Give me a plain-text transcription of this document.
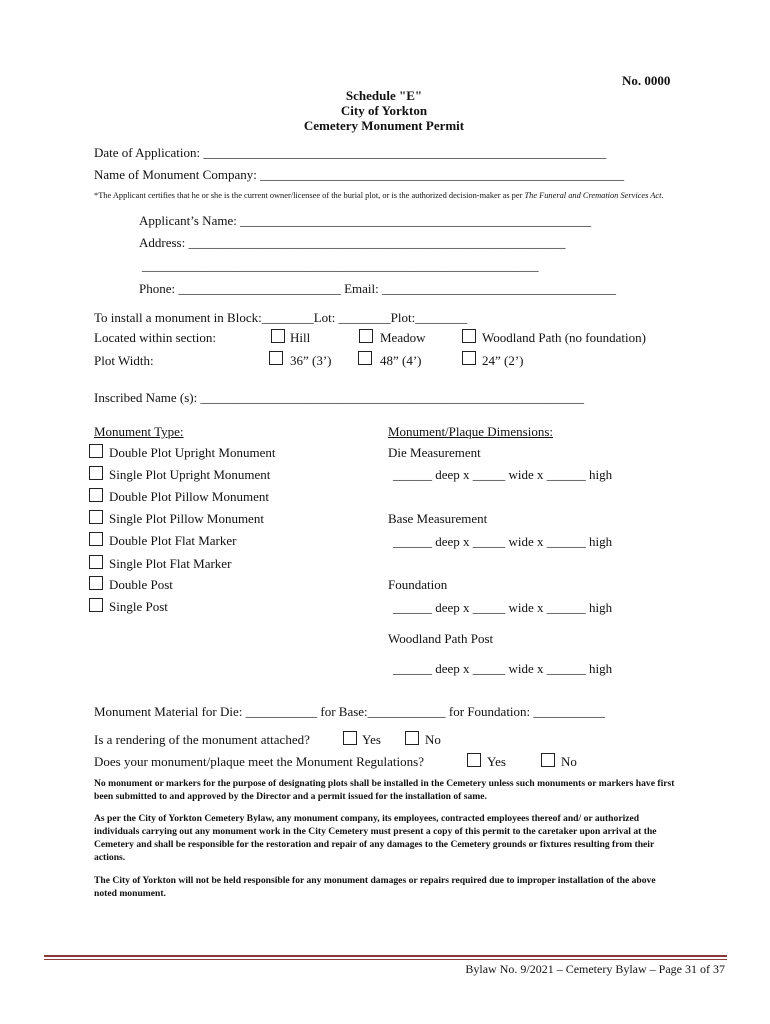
No. 0000
Schedule "E"
City of Yorkton
Cemetery Monument Permit
Date of Application: ______________________________________________________________
Name of Monument Company: ________________________________________________________
*The Applicant certifies that he or she is the current owner/licensee of the burial plot, or is the authorized decision-maker as per The Funeral and Cremation Services Act.
Applicant’s Name: ______________________________________________________
Address: __________________________________________________________
_____________________________________________________________
Phone: _________________________ Email: ____________________________________
To install a monument in Block:________Lot: ________Plot:________
Located within section:	Hill	Meadow	Woodland Path (no foundation)
Plot Width:	36” (3’)	48” (4’)	24” (2’)
Inscribed Name (s): ___________________________________________________________
Monument Type:
Double Plot Upright Monument
Single Plot Upright Monument
Double Plot Pillow Monument
Single Plot Pillow Monument
Double Plot Flat Marker
Single Plot Flat Marker
Double Post
Single Post
Monument/Plaque Dimensions:
Die Measurement
______ deep x _____ wide x ______ high
Base Measurement
______ deep x _____ wide x ______ high
Foundation
______ deep x _____ wide x ______ high
Woodland Path Post
______ deep x _____ wide x ______ high
Monument Material for Die: ___________ for Base:____________ for Foundation: ___________
Is a rendering of the monument attached?	Yes	No
Does your monument/plaque meet the Monument Regulations?	Yes	No
No monument or markers for the purpose of designating plots shall be installed in the Cemetery unless such monuments or markers have first been submitted to and approved by the Director and a permit issued for the installation of same.
As per the City of Yorkton Cemetery Bylaw, any monument company, its employees, contracted employees thereof and/ or authorized individuals carrying out any monument work in the City Cemetery must present a copy of this permit to the caretaker upon arrival at the Cemetery and shall be responsible for the restoration and repair of any damages to the Cemetery grounds or fixtures resulting from their actions.
The City of Yorkton will not be held responsible for any monument damages or repairs required due to improper installation of the above noted monument.
Bylaw No. 9/2021 – Cemetery Bylaw – Page 31 of 37
